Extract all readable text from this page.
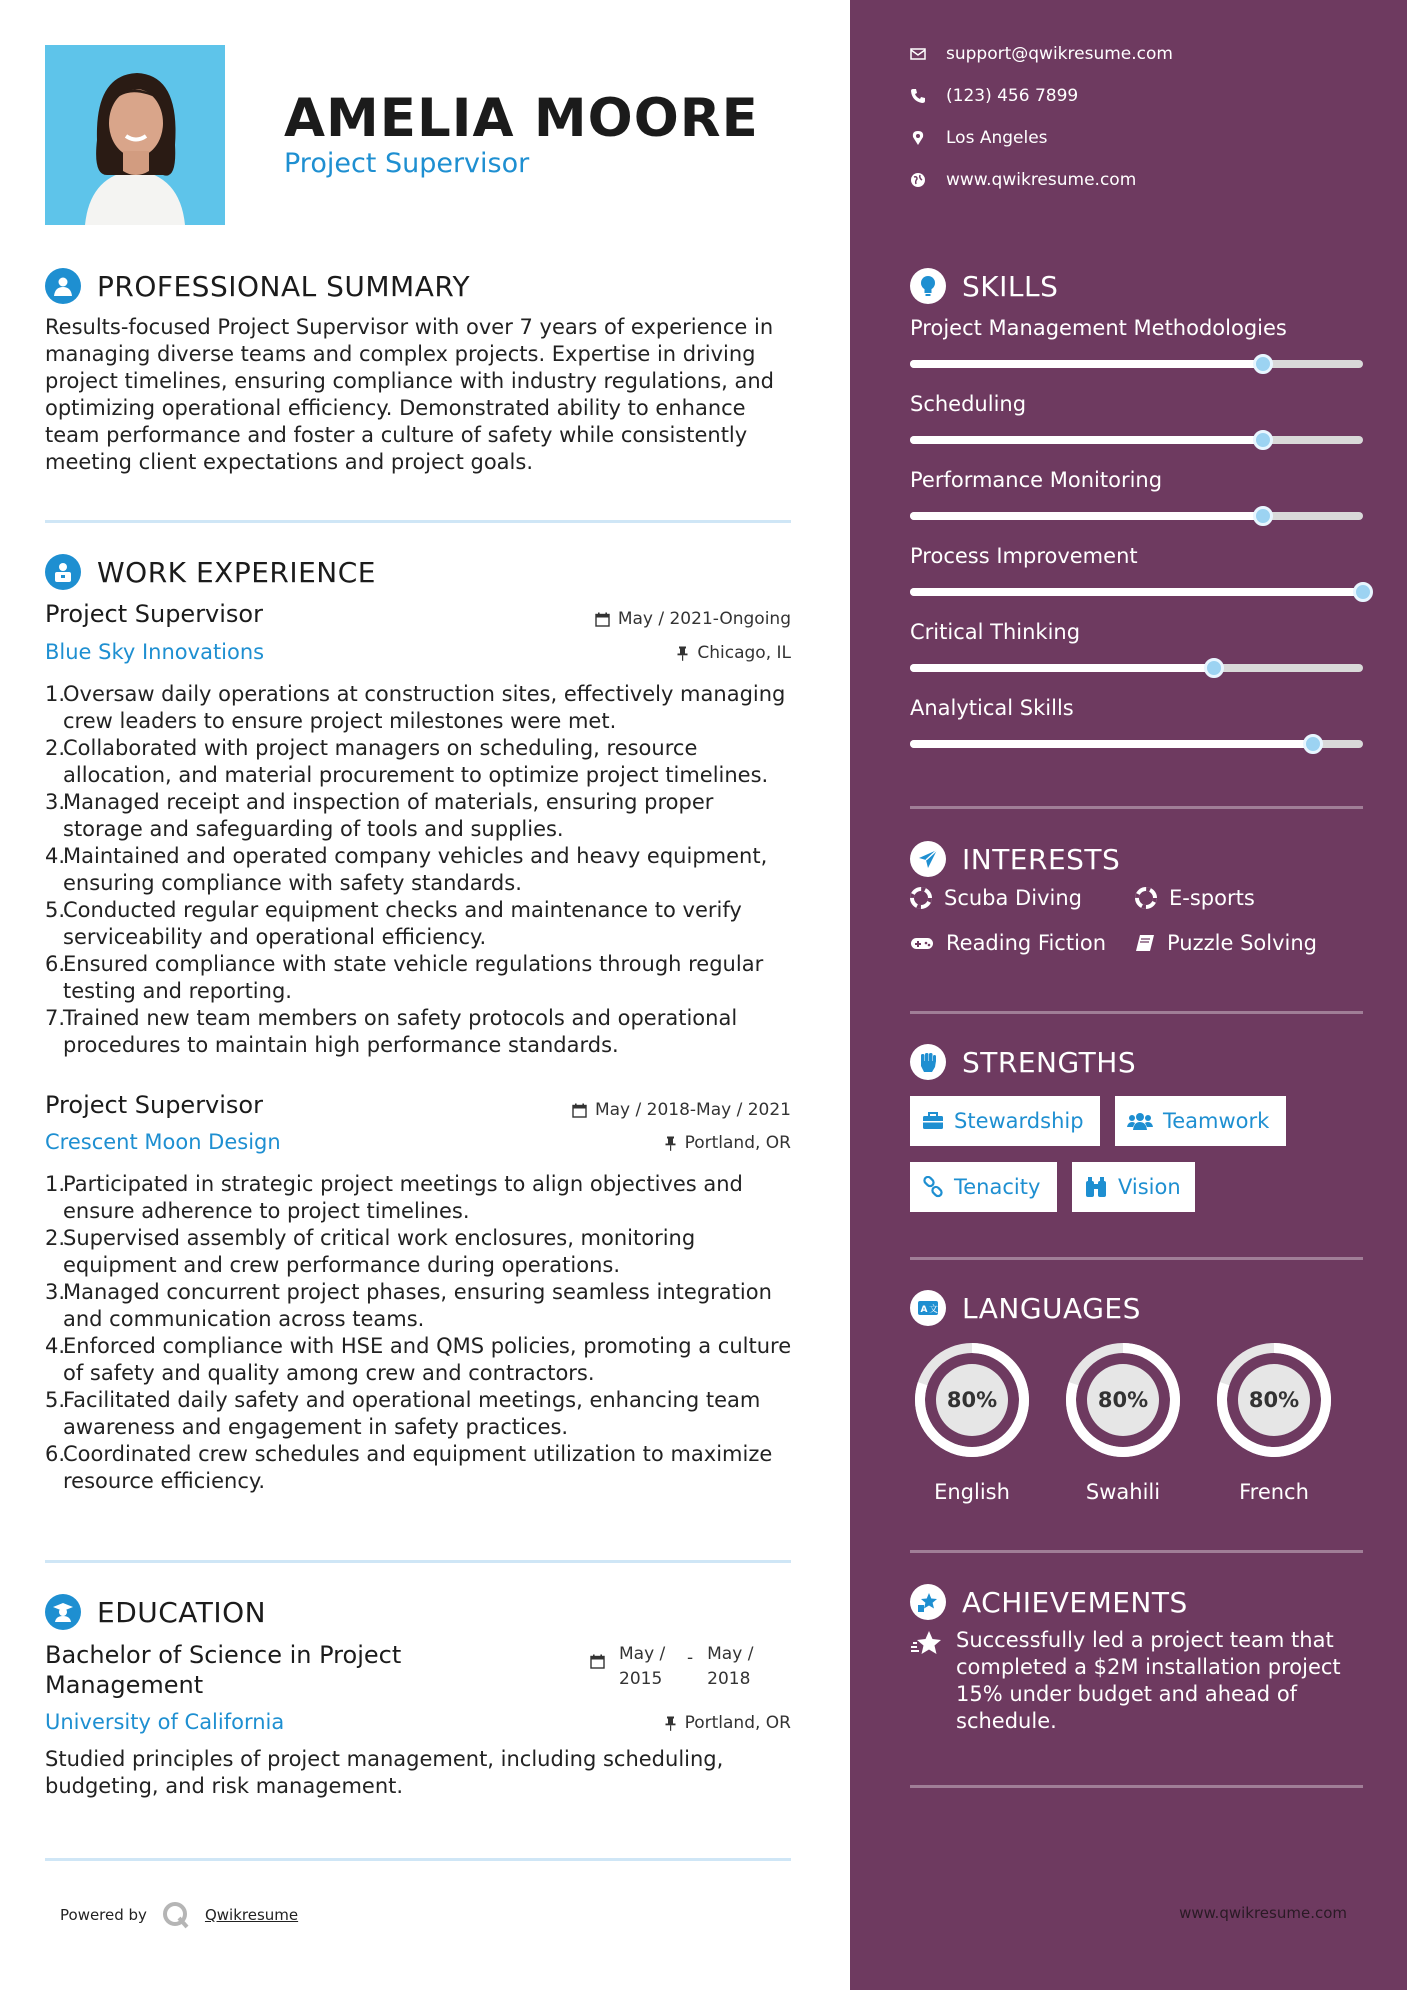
AMELIA MOORE
Project Supervisor
PROFESSIONAL SUMMARY

Results-focused Project Supervisor with over 7 years of experience in managing diverse teams and complex projects. Expertise in driving project timelines, ensuring compliance with industry regulations, and optimizing operational efficiency. Demonstrated ability to enhance team performance and foster a culture of safety while consistently meeting client expectations and project goals.

WORK EXPERIENCE
Project Supervisor	May / 2021-Ongoing
Blue Sky Innovations	Chicago, IL
1.
Oversaw daily operations at construction sites, effectively managing crew leaders to ensure project milestones were met.
2.
Collaborated with project managers on scheduling, resource allocation, and material procurement to optimize project timelines.
3.
Managed receipt and inspection of materials, ensuring proper storage and safeguarding of tools and supplies.
4.
Maintained and operated company vehicles and heavy equipment, ensuring compliance with safety standards.
5.
Conducted regular equipment checks and maintenance to verify serviceability and operational efficiency.
6.
Ensured compliance with state vehicle regulations through regular testing and reporting.
7.
Trained new team members on safety protocols and operational procedures to maintain high performance standards.
Project Supervisor	May / 2018-May / 2021
Crescent Moon Design	Portland, OR
1.
Participated in strategic project meetings to align objectives and ensure adherence to project timelines.
2.
Supervised assembly of critical work enclosures, monitoring equipment and crew performance during operations.
3.
Managed concurrent project phases, ensuring seamless integration and communication across teams.
4.
Enforced compliance with HSE and QMS policies, promoting a culture of safety and quality among crew and contractors.
5.
Facilitated daily safety and operational meetings, enhancing team awareness and engagement in safety practices.
6.
Coordinated crew schedules and equipment utilization to maximize resource efficiency.
EDUCATION
Bachelor of Science in Project Management
May / 2015
- May / 2018
University of California	Portland, OR

Studied principles of project management, including scheduling, budgeting, and risk management.

Powered by	Qwikresume
support@qwikresume.com
(123) 456 7899
Los Angeles
www.qwikresume.com
SKILLS
Project Management Methodologies
Scheduling
Performance Monitoring
Process Improvement
Critical Thinking
Analytical Skills
INTERESTS
Scuba Diving	E-sports
Reading Fiction	Puzzle Solving
STRENGTHS
Stewardship	Teamwork
Tenacity	Vision
A 文 LANGUAGES
80%
English
80%
Swahili
80%
French
ACHIEVEMENTS

Successfully led a project team that completed a $2M installation project 15% under budget and ahead of schedule.

www.qwikresume.com
